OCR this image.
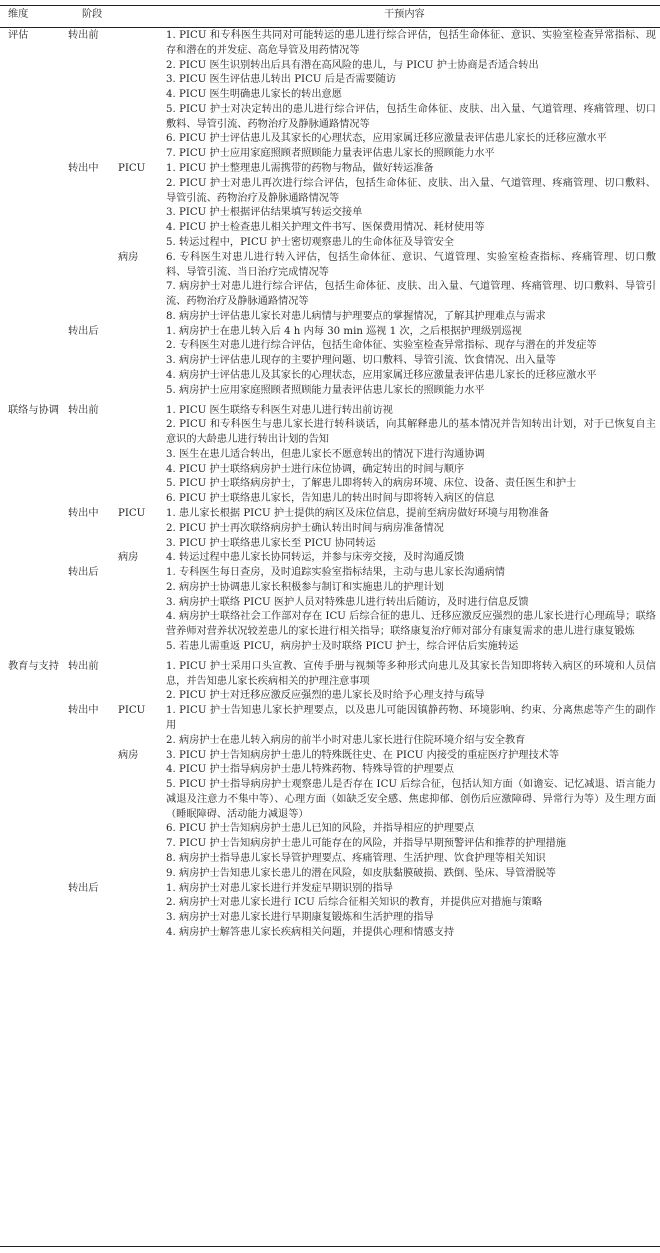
维度	阶段	干预内容
评估	转出前		1. PICU 和专科医生共同对可能转运的患儿进行综合评估，包括生命体征、意识、实验室检查异常指标、现存和潜在的并发症、高危导管及用药情况等
			2. PICU 医生识别转出后具有潜在高风险的患儿，与 PICU 护士协商是否适合转出
			3. PICU 医生评估患儿转出 PICU 后是否需要随访
			4. PICU 医生明确患儿家长的转出意愿
			5. PICU 护士对决定转出的患儿进行综合评估，包括生命体征、皮肤、出入量、气道管理、疼痛管理、切口敷料、导管引流、药物治疗及静脉通路情况等
			6. PICU 护士评估患儿及其家长的心理状态，应用家属迁移应激量表评估患儿家长的迁移应激水平
			7. PICU 护士应用家庭照顾者照顾能力量表评估患儿家长的照顾能力水平
	转出中	PICU	1. PICU 护士整理患儿需携带的药物与物品，做好转运准备
			2. PICU 护士对患儿再次进行综合评估，包括生命体征、皮肤、出入量、气道管理、疼痛管理、切口敷料、导管引流、药物治疗及静脉通路情况等
			3. PICU 护士根据评估结果填写转运交接单
			4. PICU 护士检查患儿相关护理文件书写、医保费用情况、耗材使用等
			5. 转运过程中，PICU 护士密切观察患儿的生命体征及导管安全
		病房	6. 专科医生对患儿进行转入评估，包括生命体征、意识、气道管理、实验室检查指标、疼痛管理、切口敷料、导管引流、当日治疗完成情况等
			7. 病房护士对患儿进行综合评估，包括生命体征、皮肤、出入量、气道管理、疼痛管理、切口敷料、导管引流、药物治疗及静脉通路情况等
			8. 病房护士评估患儿家长对患儿病情与护理要点的掌握情况，了解其护理难点与需求
	转出后		1. 病房护士在患儿转入后 4 h 内每 30 min 巡视 1 次，之后根据护理级别巡视
			2. 专科医生对患儿进行综合评估，包括生命体征、实验室检查异常指标、现存与潜在的并发症等
			3. 病房护士评估患儿现存的主要护理问题、切口敷料、导管引流、饮食情况、出入量等
			4. 病房护士评估患儿及其家长的心理状态，应用家属迁移应激量表评估患儿家长的迁移应激水平
			5. 病房护士应用家庭照顾者照顾能力量表评估患儿家长的照顾能力水平

联络与协调	转出前		1. PICU 医生联络专科医生对患儿进行转出前访视
			2. PICU 和专科医生与患儿家长进行转科谈话，向其解释患儿的基本情况并告知转出计划，对于已恢复自主意识的大龄患儿进行转出计划的告知
			3. 医生在患儿适合转出，但患儿家长不愿意转出的情况下进行沟通协调
			4. PICU 护士联络病房护士进行床位协调，确定转出的时间与顺序
			5. PICU 护士联络病房护士，了解患儿即将转入的病房环境、床位、设备、责任医生和护士
			6. PICU 护士联络患儿家长，告知患儿的转出时间与即将转入病区的信息
	转出中	PICU	1. 患儿家长根据 PICU 护士提供的病区及床位信息，提前至病房做好环境与用物准备
			2. PICU 护士再次联络病房护士确认转出时间与病房准备情况
			3. PICU 护士联络患儿家长至 PICU 协同转运
		病房	4. 转运过程中患儿家长协同转运，并参与床旁交接，及时沟通反馈
	转出后		1. 专科医生每日查房，及时追踪实验室指标结果，主动与患儿家长沟通病情
			2. 病房护士协调患儿家长积极参与制订和实施患儿的护理计划
			3. 病房护士联络 PICU 医护人员对特殊患儿进行转出后随访，及时进行信息反馈
			4. 病房护士联络社会工作部对存在 ICU 后综合征的患儿、迁移应激反应强烈的患儿家长进行心理疏导；联络营养师对营养状况较差患儿的家长进行相关指导；联络康复治疗师对部分有康复需求的患儿进行康复锻炼
			5. 若患儿需重返 PICU，病房护士及时联络 PICU 护士，综合评估后实施转运

教育与支持	转出前		1. PICU 护士采用口头宣教、宣传手册与视频等多种形式向患儿及其家长告知即将转入病区的环境和人员信息，并告知患儿家长疾病相关的护理注意事项
			2. PICU 护士对迁移应激反应强烈的患儿家长及时给予心理支持与疏导
	转出中	PICU	1. PICU 护士告知患儿家长护理要点，以及患儿可能因镇静药物、环境影响、约束、分离焦虑等产生的副作用
			2. 病房护士在患儿转入病房的前半小时对患儿家长进行住院环境介绍与安全教育
		病房	3. PICU 护士告知病房护士患儿的特殊既往史、在 PICU 内接受的重症医疗护理技术等
			4. PICU 护士指导病房护士患儿特殊药物、特殊导管的护理要点
			5. PICU 护士指导病房护士观察患儿是否存在 ICU 后综合征，包括认知方面（如谵妄、记忆减退、语言能力减退及注意力不集中等）、心理方面（如缺乏安全感、焦虑抑郁、创伤后应激障碍、异常行为等）及生理方面（睡眠障碍、活动能力减退等）
			6. PICU 护士告知病房护士患儿已知的风险，并指导相应的护理要点
			7. PICU 护士告知病房护士患儿可能存在的风险，并指导早期预警评估和推荐的护理措施
			8. 病房护士指导患儿家长导管护理要点、疼痛管理、生活护理、饮食护理等相关知识
			9. 病房护士告知患儿家长患儿的潜在风险，如皮肤黏膜破损、跌倒、坠床、导管滑脱等
	转出后		1. 病房护士对患儿家长进行并发症早期识别的指导
			2. 病房护士对患儿家长进行 ICU 后综合征相关知识的教育，并提供应对措施与策略
			3. 病房护士对患儿家长进行早期康复锻炼和生活护理的指导
			4. 病房护士解答患儿家长疾病相关问题，并提供心理和情感支持
